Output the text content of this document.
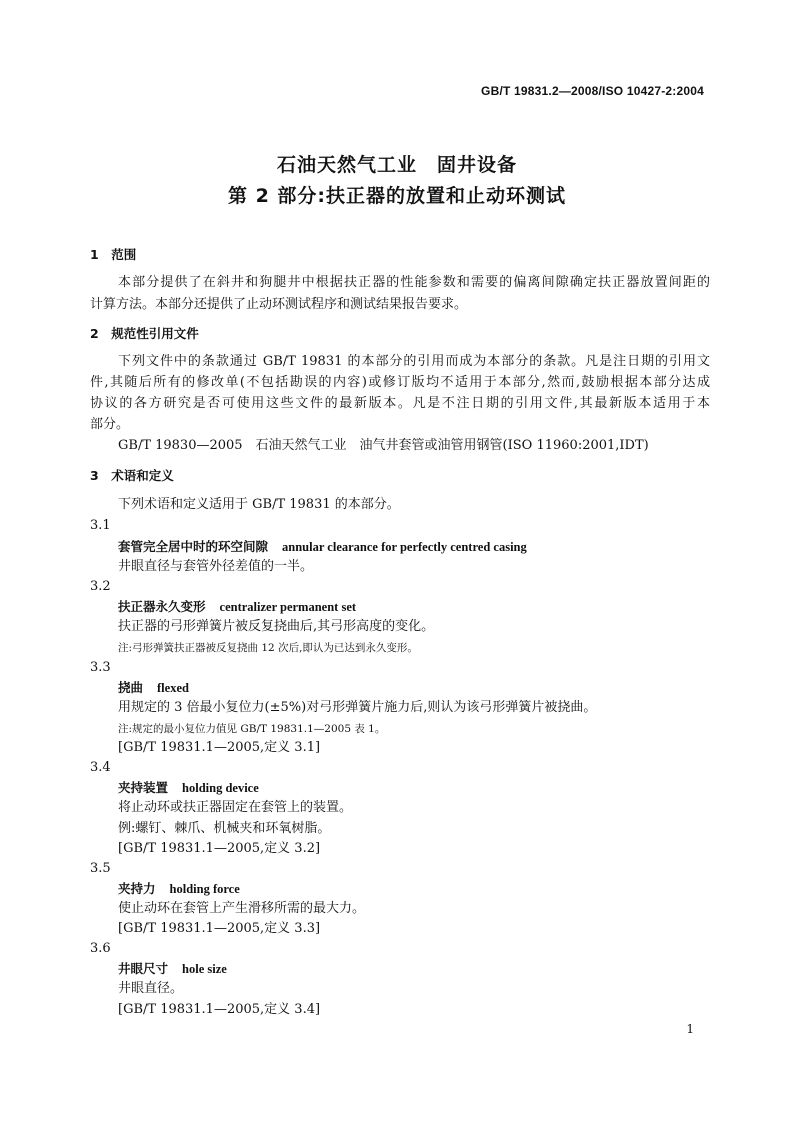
GB/T 19831.2—2008/ISO 10427-2:2004
石油天然气工业　固井设备
第 2 部分:扶正器的放置和止动环测试
1　范围
本部分提供了在斜井和狗腿井中根据扶正器的性能参数和需要的偏离间隙确定扶正器放置间距的
计算方法。本部分还提供了止动环测试程序和测试结果报告要求。
2　规范性引用文件
下列文件中的条款通过 GB/T 19831 的本部分的引用而成为本部分的条款。凡是注日期的引用文
件,其随后所有的修改单(不包括勘误的内容)或修订版均不适用于本部分,然而,鼓励根据本部分达成
协议的各方研究是否可使用这些文件的最新版本。凡是不注日期的引用文件,其最新版本适用于本
部分。
GB/T 19830—2005　石油天然气工业　油气井套管或油管用钢管(ISO 11960:2001,IDT)
3　术语和定义
下列术语和定义适用于 GB/T 19831 的本部分。
3.1
套管完全居中时的环空间隙 annular clearance for perfectly centred casing
井眼直径与套管外径差值的一半。
3.2
扶正器永久变形 centralizer permanent set
扶正器的弓形弹簧片被反复挠曲后,其弓形高度的变化。
注:弓形弹簧扶正器被反复挠曲 12 次后,即认为已达到永久变形。
3.3
挠曲 flexed
用规定的 3 倍最小复位力(±5%)对弓形弹簧片施力后,则认为该弓形弹簧片被挠曲。
注:规定的最小复位力值见 GB/T 19831.1—2005 表 1。
[GB/T 19831.1—2005,定义 3.1]
3.4
夹持装置 holding device
将止动环或扶正器固定在套管上的装置。
例:螺钉、棘爪、机械夹和环氧树脂。
[GB/T 19831.1—2005,定义 3.2]
3.5
夹持力 holding force
使止动环在套管上产生滑移所需的最大力。
[GB/T 19831.1—2005,定义 3.3]
3.6
井眼尺寸 hole size
井眼直径。
[GB/T 19831.1—2005,定义 3.4]
1
